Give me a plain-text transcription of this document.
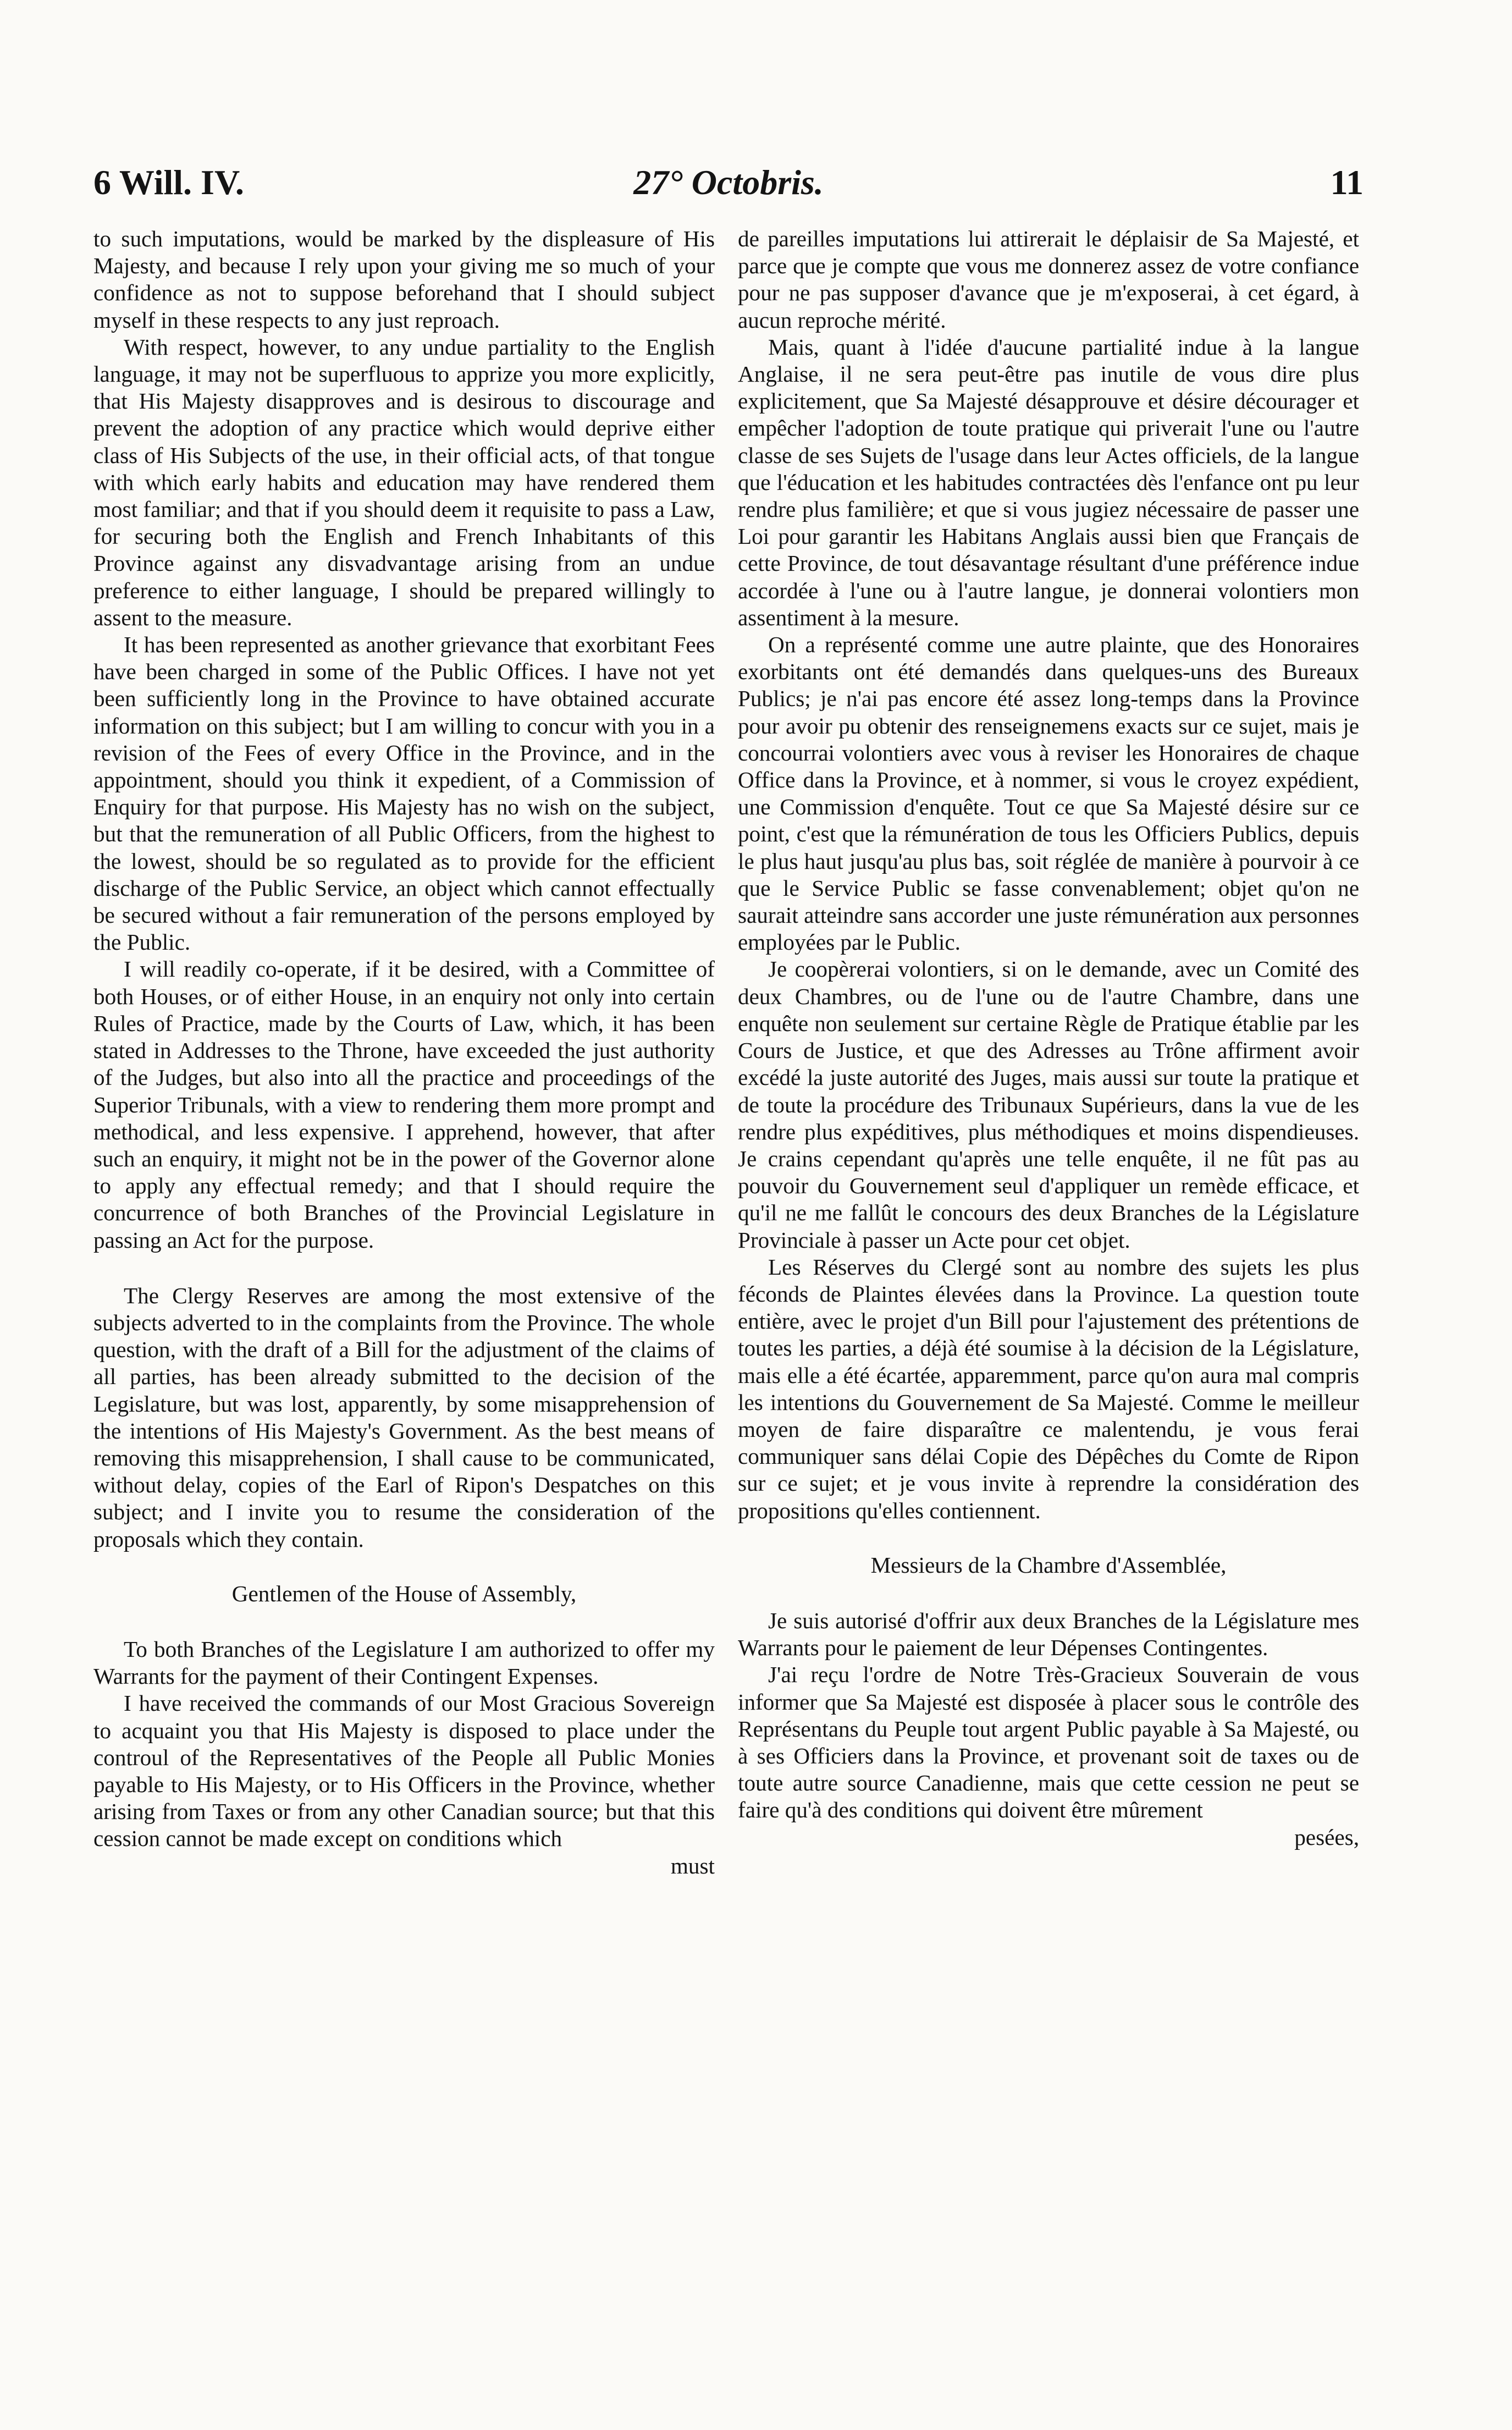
6 Will. IV.	27° Octobris.	11

to such imputations, would be marked by the displeasure of His Majesty, and because I rely upon your giving me so much of your confidence as not to suppose beforehand that I should subject myself in these respects to any just reproach.

With respect, however, to any undue partiality to the English language, it may not be superfluous to apprize you more explicitly, that His Majesty disapproves and is desirous to discourage and prevent the adoption of any practice which would deprive either class of His Subjects of the use, in their official acts, of that tongue with which early habits and education may have rendered them most familiar; and that if you should deem it requisite to pass a Law, for securing both the English and French Inhabitants of this Province against any disvadvantage arising from an undue preference to either language, I should be prepared willingly to assent to the measure.

It has been represented as another grievance that exorbitant Fees have been charged in some of the Public Offices. I have not yet been sufficiently long in the Province to have obtained accurate information on this subject; but I am willing to concur with you in a revision of the Fees of every Office in the Province, and in the appointment, should you think it expedient, of a Commission of Enquiry for that purpose. His Majesty has no wish on the subject, but that the remuneration of all Public Officers, from the highest to the lowest, should be so regulated as to provide for the efficient discharge of the Public Service, an object which cannot effectually be secured without a fair remuneration of the persons employed by the Public.

I will readily co-operate, if it be desired, with a Committee of both Houses, or of either House, in an enquiry not only into certain Rules of Practice, made by the Courts of Law, which, it has been stated in Addresses to the Throne, have exceeded the just authority of the Judges, but also into all the practice and proceedings of the Superior Tribunals, with a view to rendering them more prompt and methodical, and less expensive. I apprehend, however, that after such an enquiry, it might not be in the power of the Governor alone to apply any effectual remedy; and that I should require the concurrence of both Branches of the Provincial Legislature in passing an Act for the purpose.

The Clergy Reserves are among the most extensive of the subjects adverted to in the complaints from the Province. The whole question, with the draft of a Bill for the adjustment of the claims of all parties, has been already submitted to the decision of the Legislature, but was lost, apparently, by some misapprehension of the intentions of His Majesty's Government. As the best means of removing this misapprehension, I shall cause to be communicated, without delay, copies of the Earl of Ripon's Despatches on this subject; and I invite you to resume the consideration of the proposals which they contain.

Gentlemen of the House of Assembly,

To both Branches of the Legislature I am authorized to offer my Warrants for the payment of their Contingent Expenses.

I have received the commands of our Most Gracious Sovereign to acquaint you that His Majesty is disposed to place under the controul of the Representatives of the People all Public Monies payable to His Majesty, or to His Officers in the Province, whether arising from Taxes or from any other Canadian source; but that this cession cannot be made except on conditions which

must

de pareilles imputations lui attirerait le déplaisir de Sa Majesté, et parce que je compte que vous me donnerez assez de votre confiance pour ne pas supposer d'avance que je m'exposerai, à cet égard, à aucun reproche mérité.

Mais, quant à l'idée d'aucune partialité indue à la langue Anglaise, il ne sera peut-être pas inutile de vous dire plus explicitement, que Sa Majesté désapprouve et désire décourager et empêcher l'adoption de toute pratique qui priverait l'une ou l'autre classe de ses Sujets de l'usage dans leur Actes officiels, de la langue que l'éducation et les habitudes contractées dès l'enfance ont pu leur rendre plus familière; et que si vous jugiez nécessaire de passer une Loi pour garantir les Habitans Anglais aussi bien que Français de cette Province, de tout désavantage résultant d'une préférence indue accordée à l'une ou à l'autre langue, je donnerai volontiers mon assentiment à la mesure.

On a représenté comme une autre plainte, que des Honoraires exorbitants ont été demandés dans quelques-uns des Bureaux Publics; je n'ai pas encore été assez long-temps dans la Province pour avoir pu obtenir des renseignemens exacts sur ce sujet, mais je concourrai volontiers avec vous à reviser les Honoraires de chaque Office dans la Province, et à nommer, si vous le croyez expédient, une Commission d'enquête. Tout ce que Sa Majesté désire sur ce point, c'est que la rémunération de tous les Officiers Publics, depuis le plus haut jusqu'au plus bas, soit réglée de manière à pourvoir à ce que le Service Public se fasse convenablement; objet qu'on ne saurait atteindre sans accorder une juste rémunération aux personnes employées par le Public.

Je coopèrerai volontiers, si on le demande, avec un Comité des deux Chambres, ou de l'une ou de l'autre Chambre, dans une enquête non seulement sur certaine Règle de Pratique établie par les Cours de Justice, et que des Adresses au Trône affirment avoir excédé la juste autorité des Juges, mais aussi sur toute la pratique et de toute la procédure des Tribunaux Supérieurs, dans la vue de les rendre plus expéditives, plus méthodiques et moins dispendieuses. Je crains cependant qu'après une telle enquête, il ne fût pas au pouvoir du Gouvernement seul d'appliquer un remède efficace, et qu'il ne me fallût le concours des deux Branches de la Législature Provinciale à passer un Acte pour cet objet.

Les Réserves du Clergé sont au nombre des sujets les plus féconds de Plaintes élevées dans la Province. La question toute entière, avec le projet d'un Bill pour l'ajustement des prétentions de toutes les parties, a déjà été soumise à la décision de la Législature, mais elle a été écartée, apparemment, parce qu'on aura mal compris les intentions du Gouvernement de Sa Majesté. Comme le meilleur moyen de faire disparaître ce malentendu, je vous ferai communiquer sans délai Copie des Dépêches du Comte de Ripon sur ce sujet; et je vous invite à reprendre la considération des propositions qu'elles contiennent.

Messieurs de la Chambre d'Assemblée,

Je suis autorisé d'offrir aux deux Branches de la Législature mes Warrants pour le paiement de leur Dépenses Contingentes.

J'ai reçu l'ordre de Notre Très-Gracieux Souverain de vous informer que Sa Majesté est disposée à placer sous le contrôle des Représentans du Peuple tout argent Public payable à Sa Majesté, ou à ses Officiers dans la Province, et provenant soit de taxes ou de toute autre source Canadienne, mais que cette cession ne peut se faire qu'à des conditions qui doivent être mûrement

pesées,
